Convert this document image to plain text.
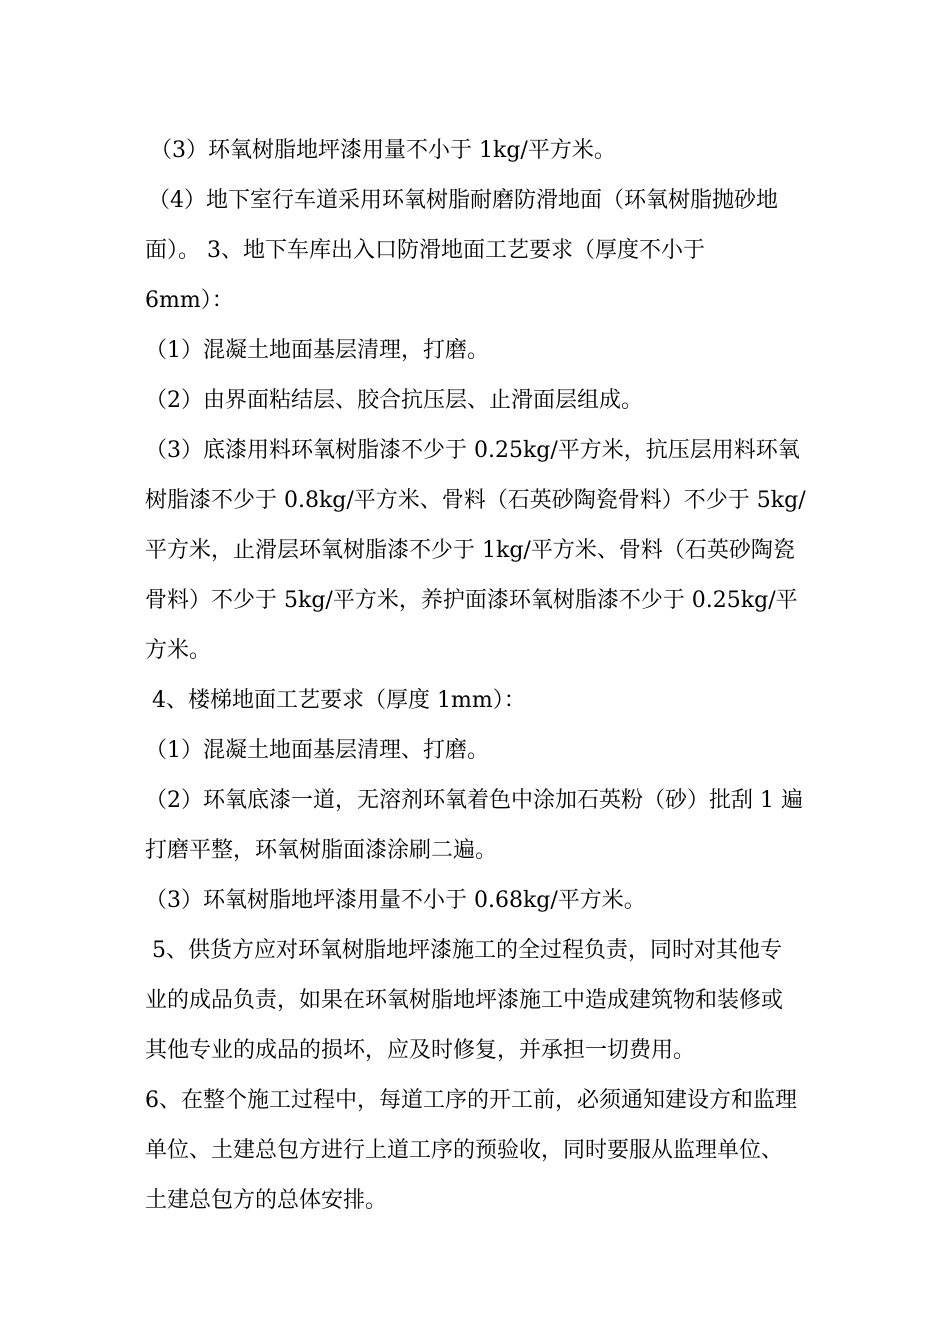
（3）环氧树脂地坪漆用量不小于 1kg/平方米。
（4）地下室行车道采用环氧树脂耐磨防滑地面（环氧树脂抛砂地
面）。 3、地下车库出入口防滑地面工艺要求（厚度不小于
6mm）：
（1）混凝土地面基层清理，打磨。
（2）由界面粘结层、胶合抗压层、止滑面层组成。
（3）底漆用料环氧树脂漆不少于 0.25kg/平方米，抗压层用料环氧
树脂漆不少于 0.8kg/平方米、骨料（石英砂陶瓷骨料）不少于 5kg/
平方米，止滑层环氧树脂漆不少于 1kg/平方米、骨料（石英砂陶瓷
骨料）不少于 5kg/平方米，养护面漆环氧树脂漆不少于 0.25kg/平
方米。
4、楼梯地面工艺要求（厚度 1mm）：
（1）混凝土地面基层清理、打磨。
（2）环氧底漆一道，无溶剂环氧着色中涂加石英粉（砂）批刮 1 遍
打磨平整，环氧树脂面漆涂刷二遍。
（3）环氧树脂地坪漆用量不小于 0.68kg/平方米。
5、供货方应对环氧树脂地坪漆施工的全过程负责，同时对其他专
业的成品负责，如果在环氧树脂地坪漆施工中造成建筑物和装修或
其他专业的成品的损坏，应及时修复，并承担一切费用。
6、在整个施工过程中，每道工序的开工前，必须通知建设方和监理
单位、土建总包方进行上道工序的预验收，同时要服从监理单位、
土建总包方的总体安排。
